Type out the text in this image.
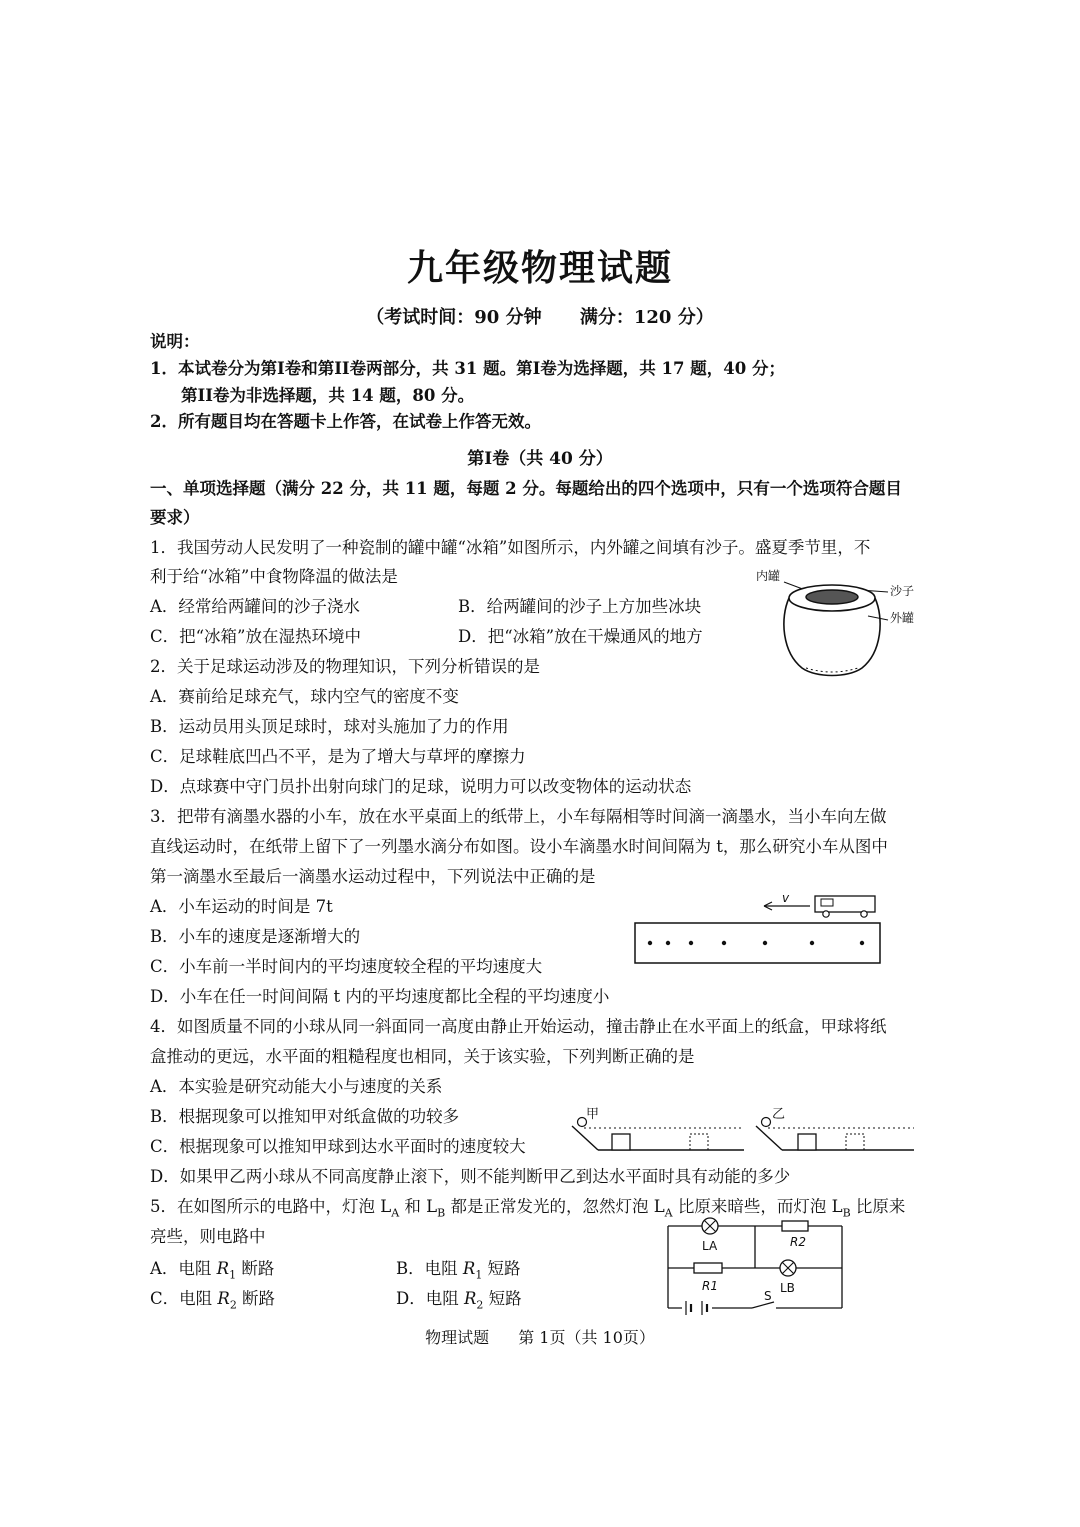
九年级物理试题
（考试时间：90 分钟 满分：120 分）
说明：
1．本试卷分为第I卷和第II卷两部分，共 31 题。第I卷为选择题，共 17 题，40 分；
第II卷为非选择题，共 14 题，80 分。
2．所有题目均在答题卡上作答，在试卷上作答无效。
第I卷（共 40 分）
一、单项选择题（满分 22 分，共 11 题，每题 2 分。每题给出的四个选项中，只有一个选项符合题目
要求）
1．我国劳动人民发明了一种瓷制的罐中罐“冰箱”如图所示，内外罐之间填有沙子。盛夏季节里，不
利于给“冰箱”中食物降温的做法是
A．经常给两罐间的沙子浇水	B．给两罐间的沙子上方加些冰块
C．把“冰箱”放在湿热环境中	D．把“冰箱”放在干燥通风的地方
内罐
沙子
外罐
2．关于足球运动涉及的物理知识，下列分析错误的是
A．赛前给足球充气，球内空气的密度不变
B．运动员用头顶足球时，球对头施加了力的作用
C．足球鞋底凹凸不平，是为了增大与草坪的摩擦力
D．点球赛中守门员扑出射向球门的足球，说明力可以改变物体的运动状态
3．把带有滴墨水器的小车，放在水平桌面上的纸带上，小车每隔相等时间滴一滴墨水，当小车向左做
直线运动时，在纸带上留下了一列墨水滴分布如图。设小车滴墨水时间间隔为 t，那么研究小车从图中
第一滴墨水至最后一滴墨水运动过程中，下列说法中正确的是
A．小车运动的时间是 7t
B．小车的速度是逐渐增大的
C．小车前一半时间内的平均速度较全程的平均速度大
D．小车在任一时间间隔 t 内的平均速度都比全程的平均速度小
v
4．如图质量不同的小球从同一斜面同一高度由静止开始运动，撞击静止在水平面上的纸盒，甲球将纸
盒推动的更远，水平面的粗糙程度也相同，关于该实验，下列判断正确的是
A．本实验是研究动能大小与速度的关系
B．根据现象可以推知甲对纸盒做的功较多
C．根据现象可以推知甲球到达水平面时的速度较大
D．如果甲乙两小球从不同高度静止滚下，则不能判断甲乙到达水平面时具有动能的多少
甲	乙
5．在如图所示的电路中，灯泡 $L_A$ 和 $L_B$ 都是正常发光的，忽然灯泡 $L_A$ 比原来暗些，而灯泡 $L_B$ 比原来
亮些，则电路中
A．电阻 $R_1$ 断路	B．电阻 $R_1$ 短路
C．电阻 $R_2$ 断路	D．电阻 $R_2$ 短路
LA	R2
R1	LB
S
物理试题 第 1页（共 10页）
